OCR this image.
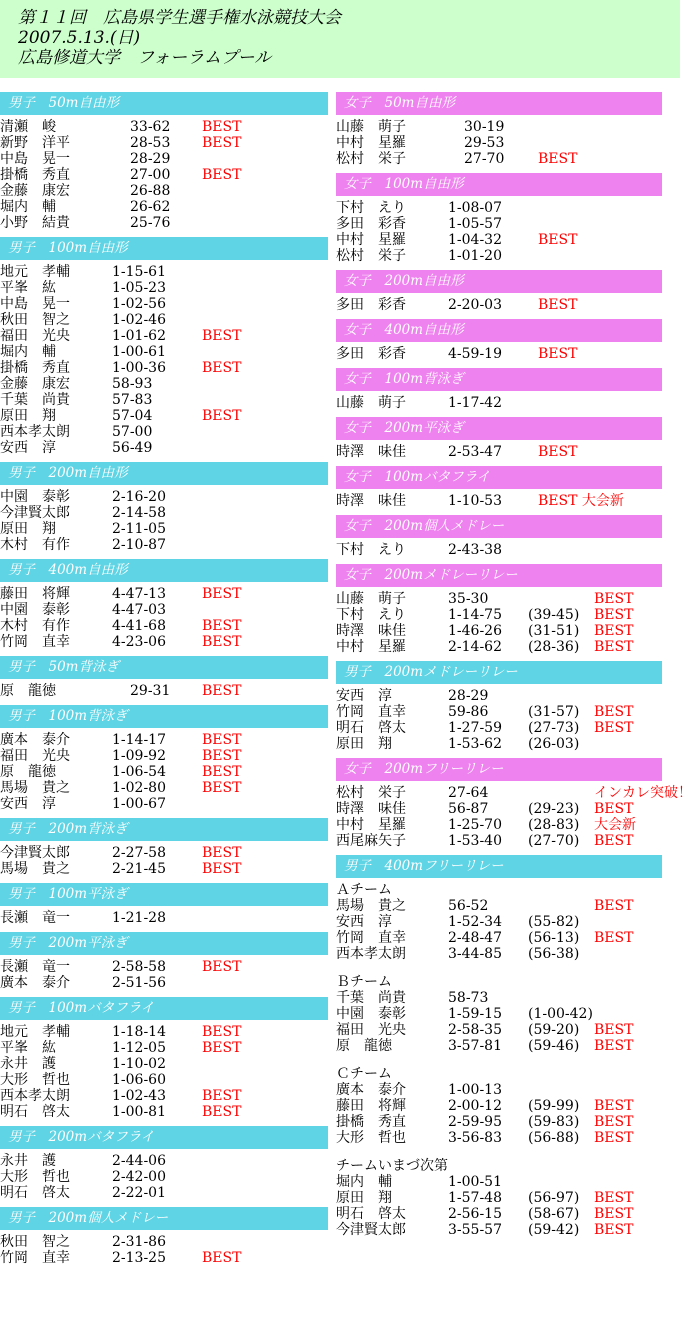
第１１回　広島県学生選手権水泳競技大会
2007.5.13.(日)
広島修道大学　フォーラムプール
男子　50m自由形
清瀬　峻	33-62 BEST
新野　洋平	28-53 BEST
中島　晃一	28-29
掛橋　秀直	27-00 BEST
金藤　康宏	26-88
堀内　輔	26-62
小野　結貴	25-76
男子　100m自由形
地元　孝輔	1-15-61
平峯　紘	1-05-23
中島　晃一	1-02-56
秋田　智之	1-02-46
福田　光央	1-01-62	BEST
堀内　輔	1-00-61
掛橋　秀直	1-00-36	BEST
金藤　康宏	58-93
千葉　尚貴	57-83
原田　翔	57-04	BEST
西本孝太朗	57-00
安西　淳	56-49
男子　200m自由形
中園　泰彰	2-16-20
今津賢太郎	2-14-58
原田　翔	2-11-05
木村　有作	2-10-87
男子　400m自由形
藤田　将輝	4-47-13	BEST
中園　泰彰	4-47-03
木村　有作	4-41-68	BEST
竹岡　直幸	4-23-06	BEST
男子　50m背泳ぎ
原　龍徳	29-31 BEST
男子　100m背泳ぎ
廣本　泰介	1-14-17	BEST
福田　光央	1-09-92	BEST
原　龍徳	1-06-54	BEST
馬場　貴之	1-02-80	BEST
安西　淳	1-00-67
男子　200m背泳ぎ
今津賢太郎	2-27-58	BEST
馬場　貴之	2-21-45	BEST
男子　100m平泳ぎ
長瀬　竜一	1-21-28
男子　200m平泳ぎ
長瀬　竜一	2-58-58	BEST
廣本　泰介	2-51-56
男子　100mバタフライ
地元　孝輔	1-18-14	BEST
平峯　紘	1-12-05	BEST
永井　護	1-10-02
大形　哲也	1-06-60
西本孝太朗	1-02-43	BEST
明石　啓太	1-00-81	BEST
男子　200mバタフライ
永井　護	2-44-06
大形　哲也	2-42-00
明石　啓太	2-22-01
男子　200m個人メドレー
秋田　智之	2-31-86
竹岡　直幸	2-13-25	BEST
女子　50m自由形
山藤　萌子	30-19
中村　星羅	29-53
松村　栄子	27-70 BEST
女子　100m自由形
下村　えり	1-08-07
多田　彩香	1-05-57
中村　星羅	1-04-32	BEST
松村　栄子	1-01-20
女子　200m自由形
多田　彩香	2-20-03	BEST
女子　400m自由形
多田　彩香	4-59-19	BEST
女子　100m背泳ぎ
山藤　萌子	1-17-42
女子　200m平泳ぎ
時澤　味佳	2-53-47	BEST
女子　100mバタフライ
時澤　味佳	1-10-53	BEST 大会新
女子　200m個人メドレー
下村　えり	2-43-38
女子　200mメドレーリレー
山藤　萌子	35-30	BEST
下村　えり	1-14-75 (39-45) BEST
時澤　味佳	1-46-26 (31-51) BEST
中村　星羅	2-14-62 (28-36) BEST
男子　200mメドレーリレー
安西　淳	28-29
竹岡　直幸	59-86	(31-57) BEST
明石　啓太	1-27-59 (27-73) BEST
原田　翔	1-53-62 (26-03)
女子　200mフリーリレー
松村　栄子	27-64	インカレ突破！
時澤　味佳	56-87	(29-23) BEST
中村　星羅	1-25-70 (28-83) 大会新
西尾麻矢子	1-53-40 (27-70) BEST
男子　400mフリーリレー
Ａチーム
馬場　貴之	56-52	BEST
安西　淳	1-52-34 (55-82)
竹岡　直幸	2-48-47 (56-13) BEST
西本孝太朗	3-44-85 (56-38)
Ｂチーム
千葉　尚貴	58-73
中園　泰彰	1-59-15 (1-00-42)
福田　光央	2-58-35 (59-20) BEST
原　龍徳	3-57-81 (59-46) BEST
Ｃチーム
廣本　泰介	1-00-13
藤田　将輝	2-00-12 (59-99) BEST
掛橋　秀直	2-59-95 (59-83) BEST
大形　哲也	3-56-83 (56-88) BEST
チームいまづ次第
堀内　輔	1-00-51
原田　翔	1-57-48 (56-97) BEST
明石　啓太	2-56-15 (58-67) BEST
今津賢太郎	3-55-57 (59-42) BEST
